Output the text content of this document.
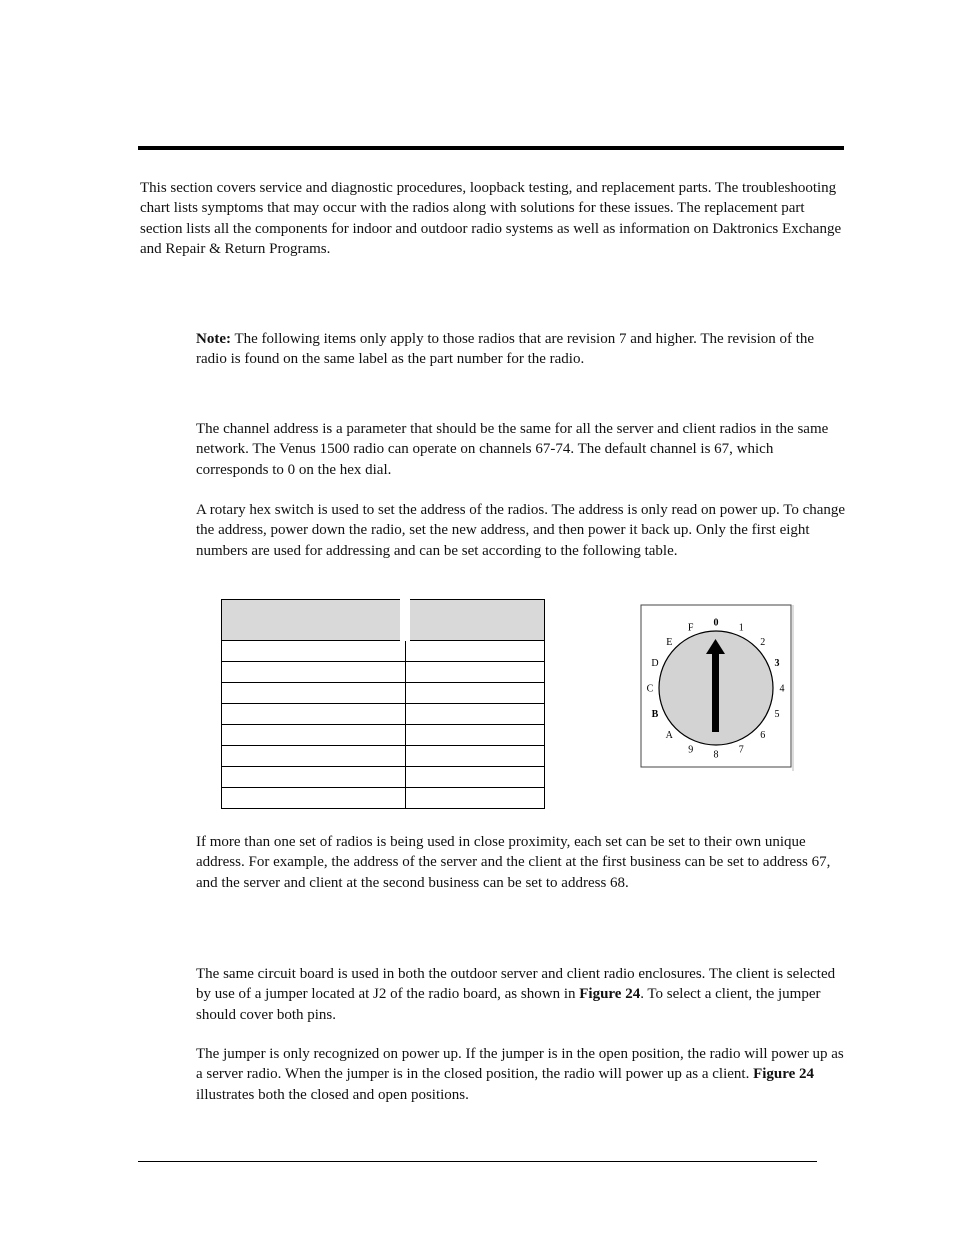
This section covers service and diagnostic procedures, loopback testing, and replacement parts. The troubleshooting chart lists symptoms that may occur with the radios along with solutions for these issues. The replacement part section lists all the components for indoor and outdoor radio systems as well as information on Daktronics Exchange and Repair & Return Programs.

Note: The following items only apply to those radios that are revision 7 and higher. The revision of the radio is found on the same label as the part number for the radio.

The channel address is a parameter that should be the same for all the server and client radios in the same network. The Venus 1500 radio can operate on channels 67-74. The default channel is 67, which corresponds to 0 on the hex dial.

A rotary hex switch is used to set the address of the radios. The address is only read on power up. To change the address, power down the radio, set the new address, and then power it back up. Only the first eight numbers are used for addressing and can be set according to the following table.

0 1
2
3
4
5
6
7
8
9
A
B
C
D
E
F

If more than one set of radios is being used in close proximity, each set can be set to their own unique address. For example, the address of the server and the client at the first business can be set to address 67, and the server and client at the second business can be set to address 68.

The same circuit board is used in both the outdoor server and client radio enclosures. The client is selected by use of a jumper located at J2 of the radio board, as shown in Figure 24. To select a client, the jumper should cover both pins.

The jumper is only recognized on power up. If the jumper is in the open position, the radio will power up as a server radio. When the jumper is in the closed position, the radio will power up as a client. Figure 24 illustrates both the closed and open positions.
